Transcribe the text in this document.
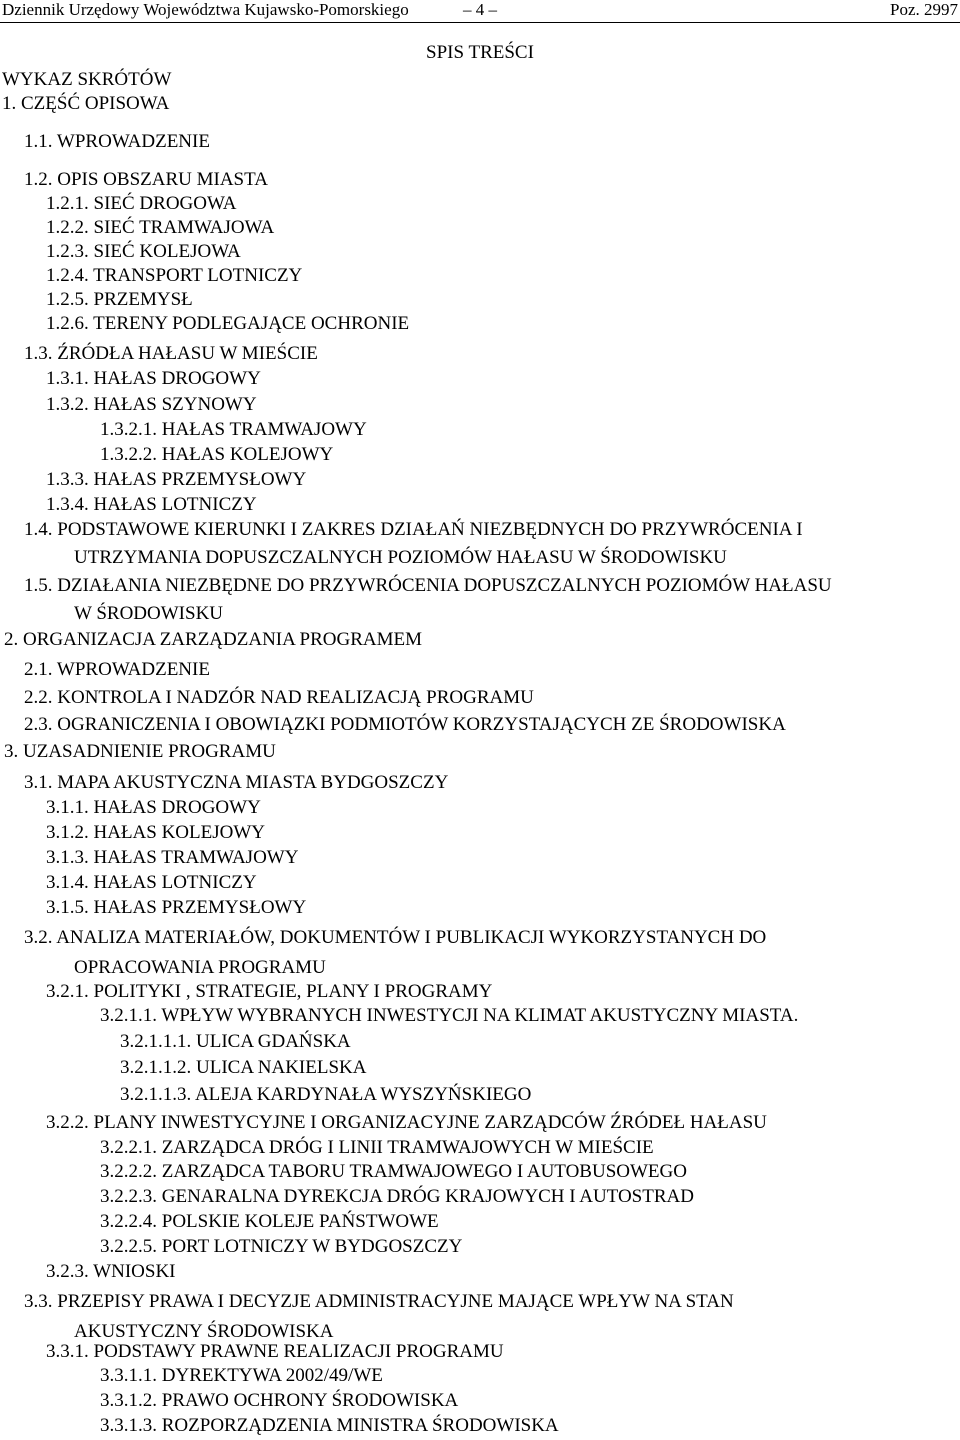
Dziennik Urzędowy Województwa Kujawsko-Pomorskiego	– 4 –	Poz. 2997
SPIS TREŚCI
WYKAZ SKRÓTÓW
1. CZĘŚĆ OPISOWA
1.1. WPROWADZENIE
1.2. OPIS OBSZARU MIASTA
1.2.1. SIEĆ DROGOWA
1.2.2. SIEĆ TRAMWAJOWA
1.2.3. SIEĆ KOLEJOWA
1.2.4. TRANSPORT LOTNICZY
1.2.5. PRZEMYSŁ
1.2.6. TERENY PODLEGAJĄCE OCHRONIE
1.3. ŹRÓDŁA HAŁASU W MIEŚCIE
1.3.1. HAŁAS DROGOWY
1.3.2. HAŁAS SZYNOWY
1.3.2.1. HAŁAS TRAMWAJOWY
1.3.2.2. HAŁAS KOLEJOWY
1.3.3. HAŁAS PRZEMYSŁOWY
1.3.4. HAŁAS LOTNICZY
1.4. PODSTAWOWE KIERUNKI I ZAKRES DZIAŁAŃ NIEZBĘDNYCH DO PRZYWRÓCENIA I
UTRZYMANIA DOPUSZCZALNYCH POZIOMÓW HAŁASU W ŚRODOWISKU
1.5. DZIAŁANIA NIEZBĘDNE DO PRZYWRÓCENIA DOPUSZCZALNYCH POZIOMÓW HAŁASU
W ŚRODOWISKU
2. ORGANIZACJA ZARZĄDZANIA PROGRAMEM
2.1. WPROWADZENIE
2.2. KONTROLA I NADZÓR NAD REALIZACJĄ PROGRAMU
2.3. OGRANICZENIA I OBOWIĄZKI PODMIOTÓW KORZYSTAJĄCYCH ZE ŚRODOWISKA
3. UZASADNIENIE PROGRAMU
3.1. MAPA AKUSTYCZNA MIASTA BYDGOSZCZY
3.1.1. HAŁAS DROGOWY
3.1.2. HAŁAS KOLEJOWY
3.1.3. HAŁAS TRAMWAJOWY
3.1.4. HAŁAS LOTNICZY
3.1.5. HAŁAS PRZEMYSŁOWY
3.2. ANALIZA MATERIAŁÓW, DOKUMENTÓW I PUBLIKACJI WYKORZYSTANYCH DO
OPRACOWANIA PROGRAMU
3.2.1. POLITYKI , STRATEGIE, PLANY I PROGRAMY
3.2.1.1. WPŁYW WYBRANYCH INWESTYCJI NA KLIMAT AKUSTYCZNY MIASTA.
3.2.1.1.1. ULICA GDAŃSKA
3.2.1.1.2. ULICA NAKIELSKA
3.2.1.1.3. ALEJA KARDYNAŁA WYSZYŃSKIEGO
3.2.2. PLANY INWESTYCYJNE I ORGANIZACYJNE ZARZĄDCÓW ŹRÓDEŁ HAŁASU
3.2.2.1. ZARZĄDCA DRÓG I LINII TRAMWAJOWYCH W MIEŚCIE
3.2.2.2. ZARZĄDCA TABORU TRAMWAJOWEGO I AUTOBUSOWEGO
3.2.2.3. GENARALNA DYREKCJA DRÓG KRAJOWYCH I AUTOSTRAD
3.2.2.4. POLSKIE KOLEJE PAŃSTWOWE
3.2.2.5. PORT LOTNICZY W BYDGOSZCZY
3.2.3. WNIOSKI
3.3. PRZEPISY PRAWA I DECYZJE ADMINISTRACYJNE MAJĄCE WPŁYW NA STAN
AKUSTYCZNY ŚRODOWISKA
3.3.1. PODSTAWY PRAWNE REALIZACJI PROGRAMU
3.3.1.1. DYREKTYWA 2002/49/WE
3.3.1.2. PRAWO OCHRONY ŚRODOWISKA
3.3.1.3. ROZPORZĄDZENIA MINISTRA ŚRODOWISKA
